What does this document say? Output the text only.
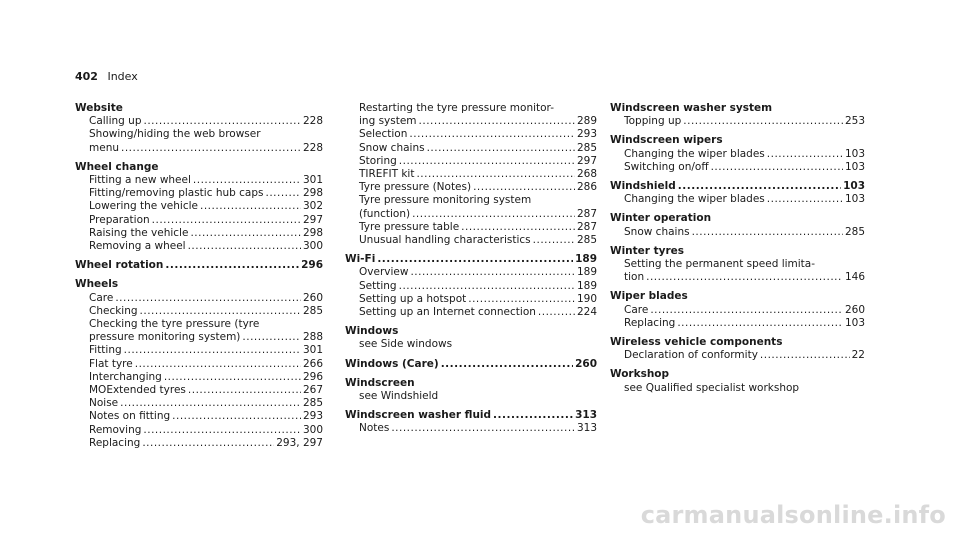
402 Index
Website
Calling up .....	228
Showing/hiding the web browser
menu .....	228
Wheel change
Fitting a new wheel .....	301
Fitting/removing plastic hub caps .....	298
Lowering the vehicle .....	302
Preparation .....	297
Raising the vehicle .....	298
Removing a wheel .....	300
Wheel rotation .....	296
Wheels
Care .....	260
Checking .....	285
Checking the tyre pressure (tyre
pressure monitoring system) .....	288
Fitting .....	301
Flat tyre .....	266
Interchanging .....	296
MOExtended tyres .....	267
Noise .....	285
Notes on fitting .....	293
Removing .....	300
Replacing .....	293, 297
Restarting the tyre pressure monitor-
ing system .....	289
Selection .....	293
Snow chains .....	285
Storing .....	297
TIREFIT kit .....	268
Tyre pressure (Notes) .....	286
Tyre pressure monitoring system
(function) .....	287
Tyre pressure table .....	287
Unusual handling characteristics .....	285
Wi-Fi .....	189
Overview .....	189
Setting .....	189
Setting up a hotspot .....	190
Setting up an Internet connection .....	224
Windows
see Side windows
Windows (Care) .....	260
Windscreen
see Windshield
Windscreen washer fluid .....	313
Notes .....	313
Windscreen washer system
Topping up .....	253
Windscreen wipers
Changing the wiper blades .....	103
Switching on/off .....	103
Windshield .....	103
Changing the wiper blades .....	103
Winter operation
Snow chains .....	285
Winter tyres
Setting the permanent speed limita-
tion .....	146
Wiper blades
Care .....	260
Replacing .....	103
Wireless vehicle components
Declaration of conformity .....	22
Workshop
see Qualified specialist workshop
carmanualsonline.info
